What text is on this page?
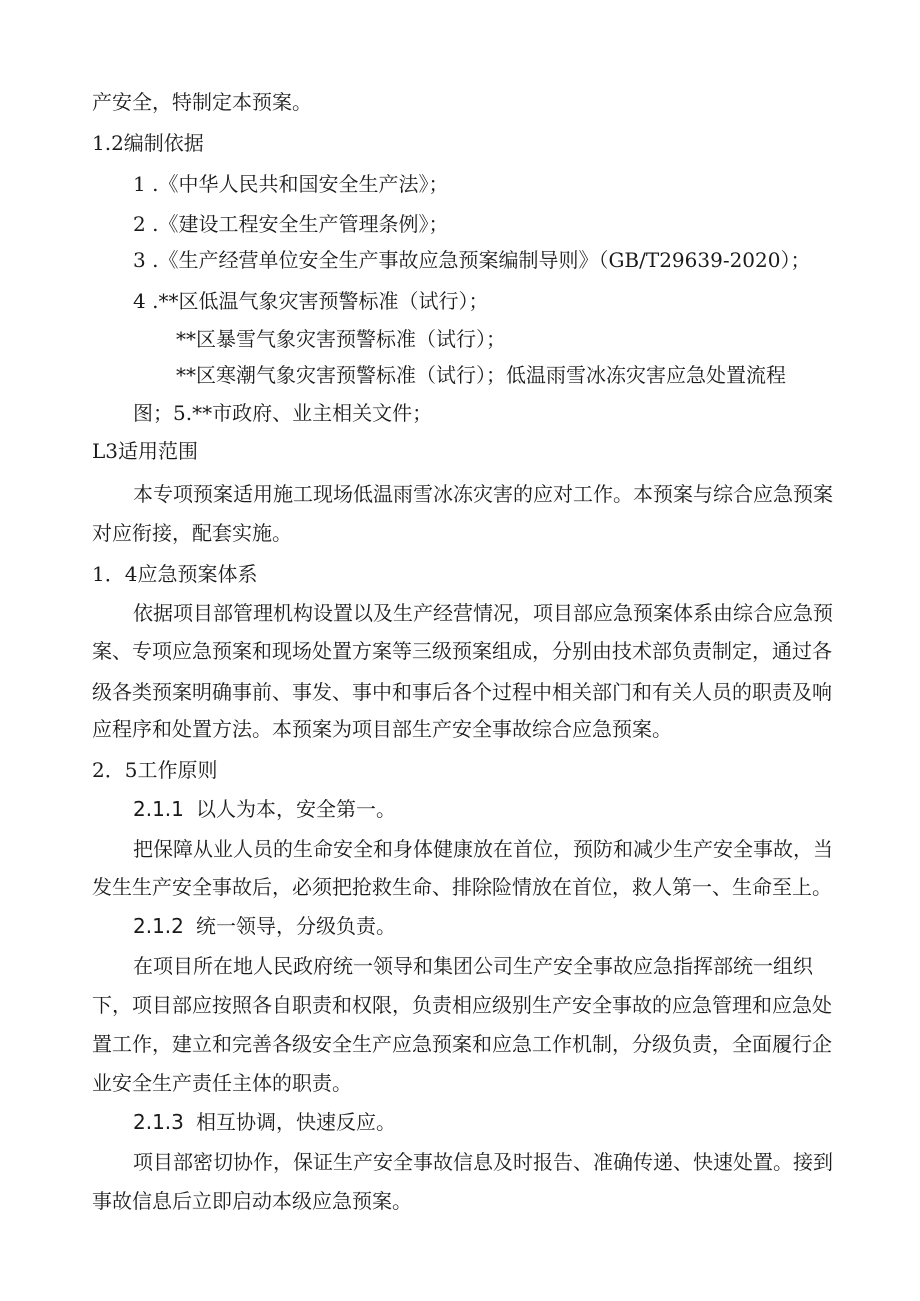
产安全，特制定本预案。
1.2编制依据
1 .《中华人民共和国安全生产法》；
2 .《建设工程安全生产管理条例》；
3 .《生产经营单位安全生产事故应急预案编制导则》（GB/T29639-2020）；
4 .**区低温气象灾害预警标准（试行）；
**区暴雪气象灾害预警标准（试行）；
**区寒潮气象灾害预警标准（试行）；低温雨雪冰冻灾害应急处置流程
图；5.**市政府、业主相关文件；
L3适用范围
本专项预案适用施工现场低温雨雪冰冻灾害的应对工作。本预案与综合应急预案
对应衔接，配套实施。
1．4应急预案体系
依据项目部管理机构设置以及生产经营情况，项目部应急预案体系由综合应急预
案、专项应急预案和现场处置方案等三级预案组成，分别由技术部负责制定，通过各
级各类预案明确事前、事发、事中和事后各个过程中相关部门和有关人员的职责及响
应程序和处置方法。本预案为项目部生产安全事故综合应急预案。
2．5工作原则
2.1.1 以人为本，安全第一。
把保障从业人员的生命安全和身体健康放在首位，预防和减少生产安全事故，当
发生生产安全事故后，必须把抢救生命、排除险情放在首位，救人第一、生命至上。
2.1.2 统一领导，分级负责。
在项目所在地人民政府统一领导和集团公司生产安全事故应急指挥部统一组织
下，项目部应按照各自职责和权限，负责相应级别生产安全事故的应急管理和应急处
置工作，建立和完善各级安全生产应急预案和应急工作机制，分级负责，全面履行企
业安全生产责任主体的职责。
2.1.3 相互协调，快速反应。
项目部密切协作，保证生产安全事故信息及时报告、准确传递、快速处置。接到
事故信息后立即启动本级应急预案。
